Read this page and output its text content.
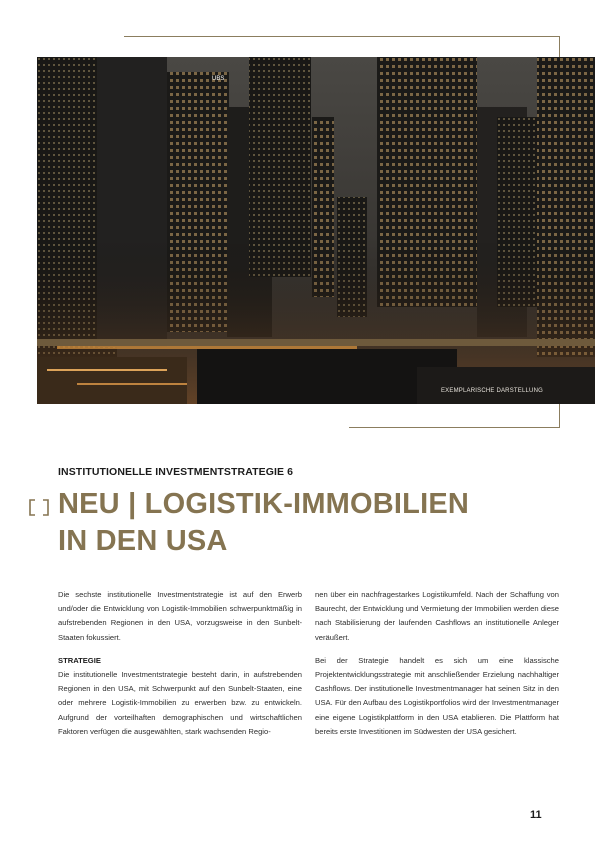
UBS
EXEMPLARISCHE DARSTELLUNG
INSTITUTIONELLE INVESTMENTSTRATEGIE 6
NEU | LOGISTIK-IMMOBILIEN
IN DEN USA

Die sechste institutionelle Investmentstrategie ist auf den Erwerb und/oder die Entwicklung von Logistik-Immobilien schwerpunktmäßig in aufstrebenden Regionen in den USA, vorzugsweise in den Sunbelt-Staaten fokussiert.

STRATEGIE

Die institutionelle Investmentstrategie besteht darin, in aufstrebenden Regionen in den USA, mit Schwerpunkt auf den Sunbelt-Staaten, eine oder mehrere Logistik-Immobilien zu erwerben bzw. zu entwickeln. Aufgrund der vorteilhaften demographischen und wirtschaftlichen Faktoren verfügen die ausgewählten, stark wachsenden Regio-

nen über ein nachfragestarkes Logistikumfeld. Nach der Schaffung von Baurecht, der Entwicklung und Vermietung der Immobilien werden diese nach Stabilisierung der laufenden Cashflows an institutionelle Anleger veräußert.

Bei der Strategie handelt es sich um eine klassische Projektentwicklungsstrategie mit anschließender Erzielung nachhaltiger Cashflows. Der institutionelle Investmentmanager hat seinen Sitz in den USA. Für den Aufbau des Logistikportfolios wird der Investmentmanager eine eigene Logistikplattform in den USA etablieren. Die Plattform hat bereits erste Investitionen im Südwesten der USA gesichert.

11
